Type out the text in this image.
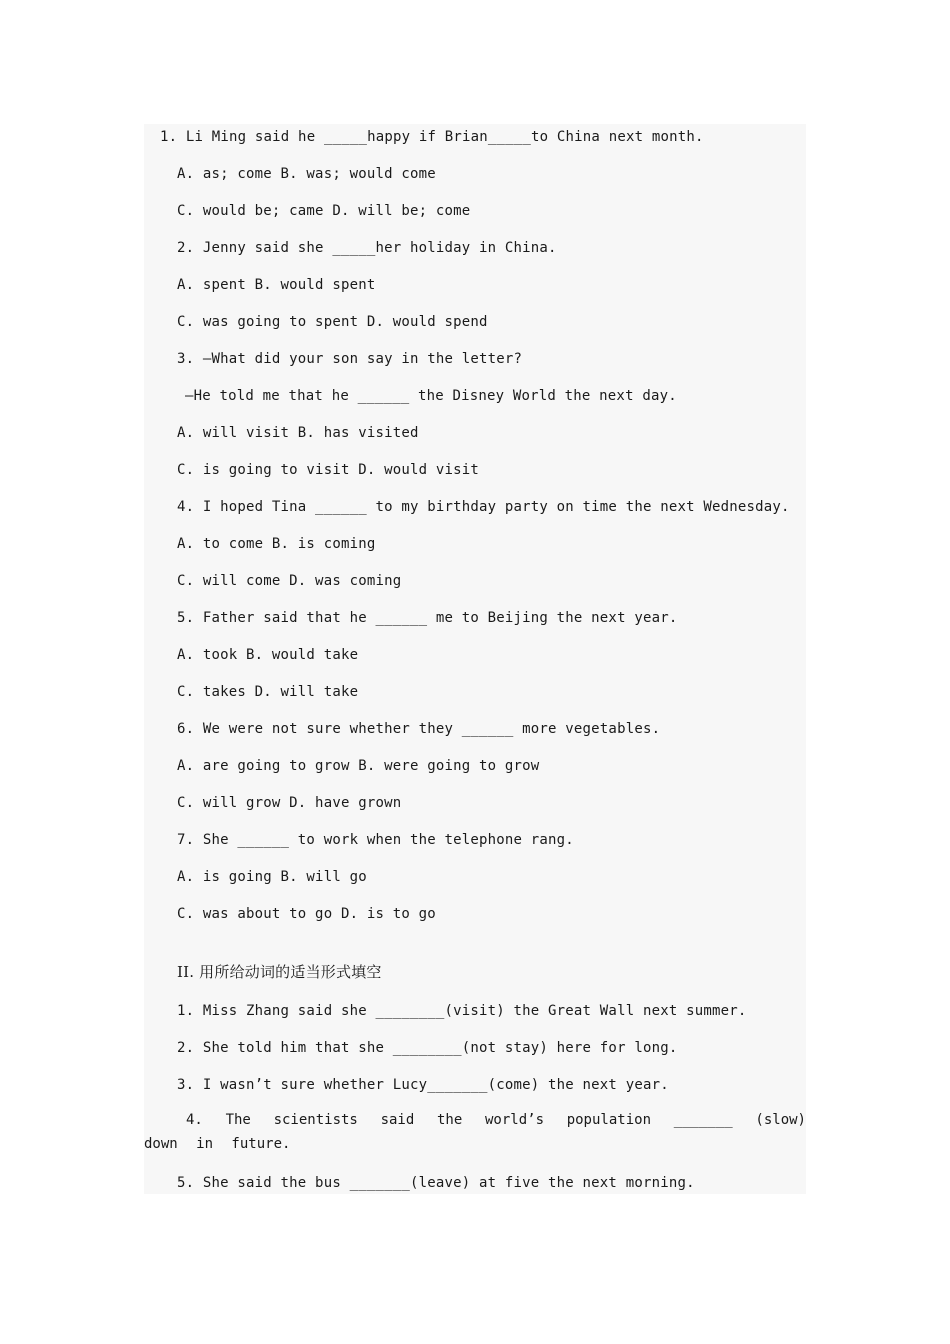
1. Li Ming said he _____happy if Brian_____to China next month.
A. as; come B. was; would come
C. would be; came D. will be; come
2. Jenny said she _____her holiday in China.
A. spent B. would spent
C. was going to spent D. would spend
3. —What did your son say in the letter?
—He told me that he ______ the Disney World the next day.
A. will visit B. has visited
C. is going to visit D. would visit
4. I hoped Tina ______ to my birthday party on time the next Wednesday.
A. to come B. is coming
C. will come D. was coming
5. Father said that he ______ me to Beijing the next year.
A. took B. would take
C. takes D. will take
6. We were not sure whether they ______ more vegetables.
A. are going to grow B. were going to grow
C. will grow D. have grown
7. She ______ to work when the telephone rang.
A. is going B. will go
C. was about to go D. is to go
II. 用所给动词的适当形式填空
1. Miss Zhang said she ________(visit) the Great Wall next summer.
2. She told him that she ________(not stay) here for long.
3. I wasn’t sure whether Lucy_______(come) the next year.
4. The scientists said the world’s population _______ (slow) down in future.
5. She said the bus _______(leave) at five the next morning.
